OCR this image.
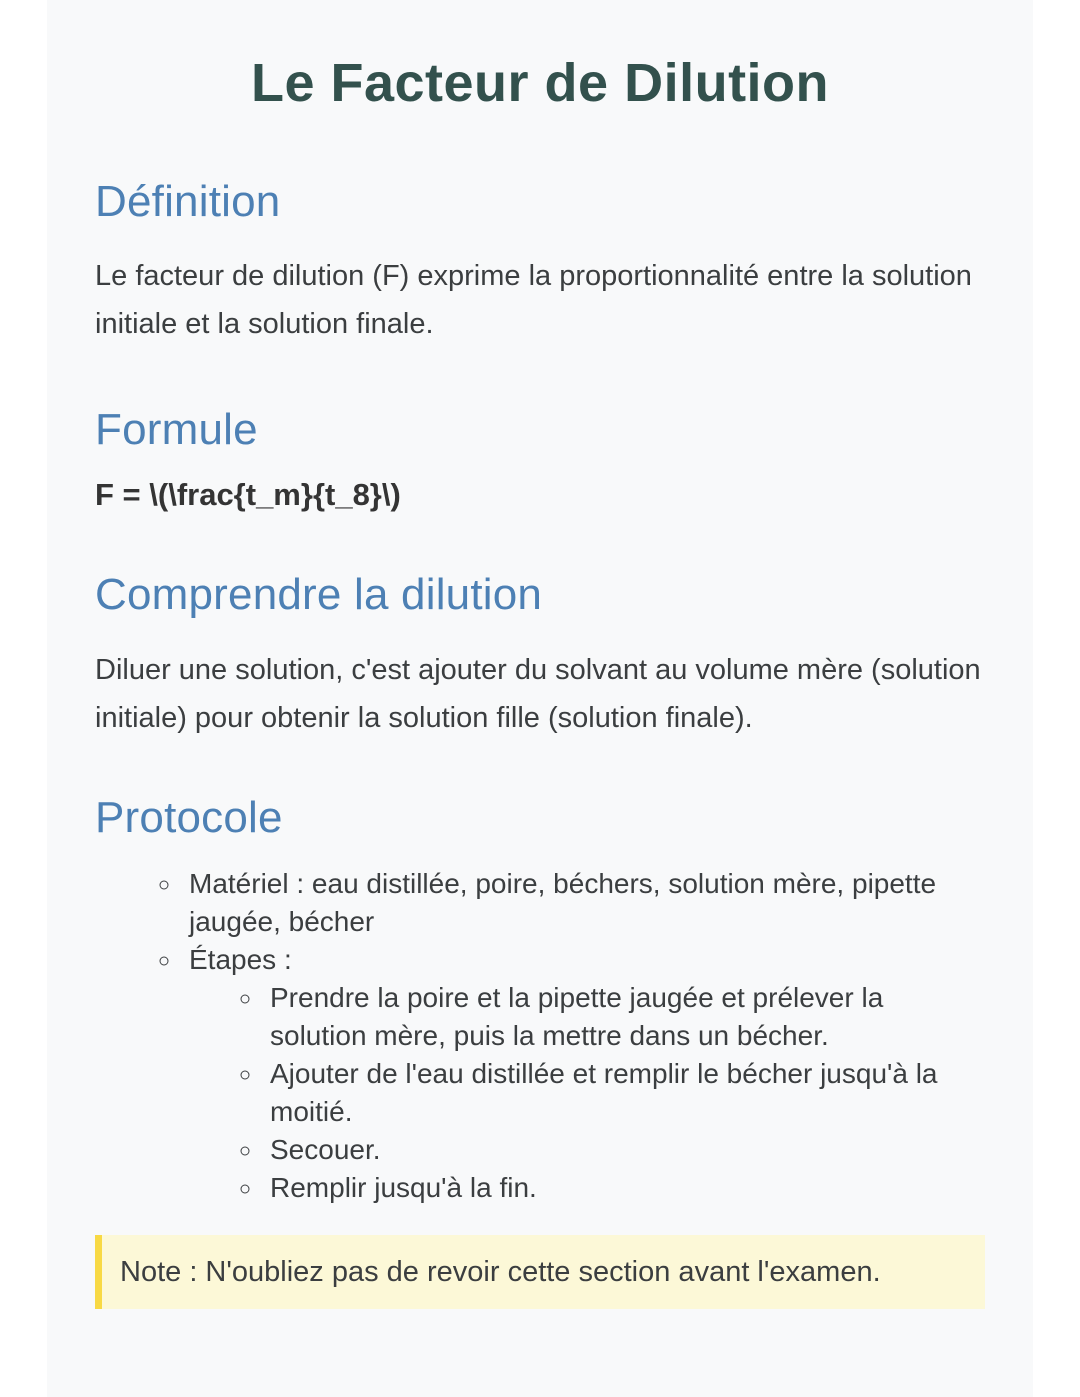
Le Facteur de Dilution
Définition

Le facteur de dilution (F) exprime la proportionnalité entre la solution initiale et la solution finale.

Formule

F = \(\frac{t_m}{t_8}\)

Comprendre la dilution

Diluer une solution, c'est ajouter du solvant au volume mère (solution initiale) pour obtenir la solution fille (solution finale).

Protocole
◦ Matériel : eau distillée, poire, béchers, solution mère, pipette jaugée, bécher
◦ Étapes :
◦ Prendre la poire et la pipette jaugée et prélever la solution mère, puis la mettre dans un bécher.
◦ Ajouter de l'eau distillée et remplir le bécher jusqu'à la moitié.
◦ Secouer.
◦ Remplir jusqu'à la fin.
Note : N'oubliez pas de revoir cette section avant l'examen.
